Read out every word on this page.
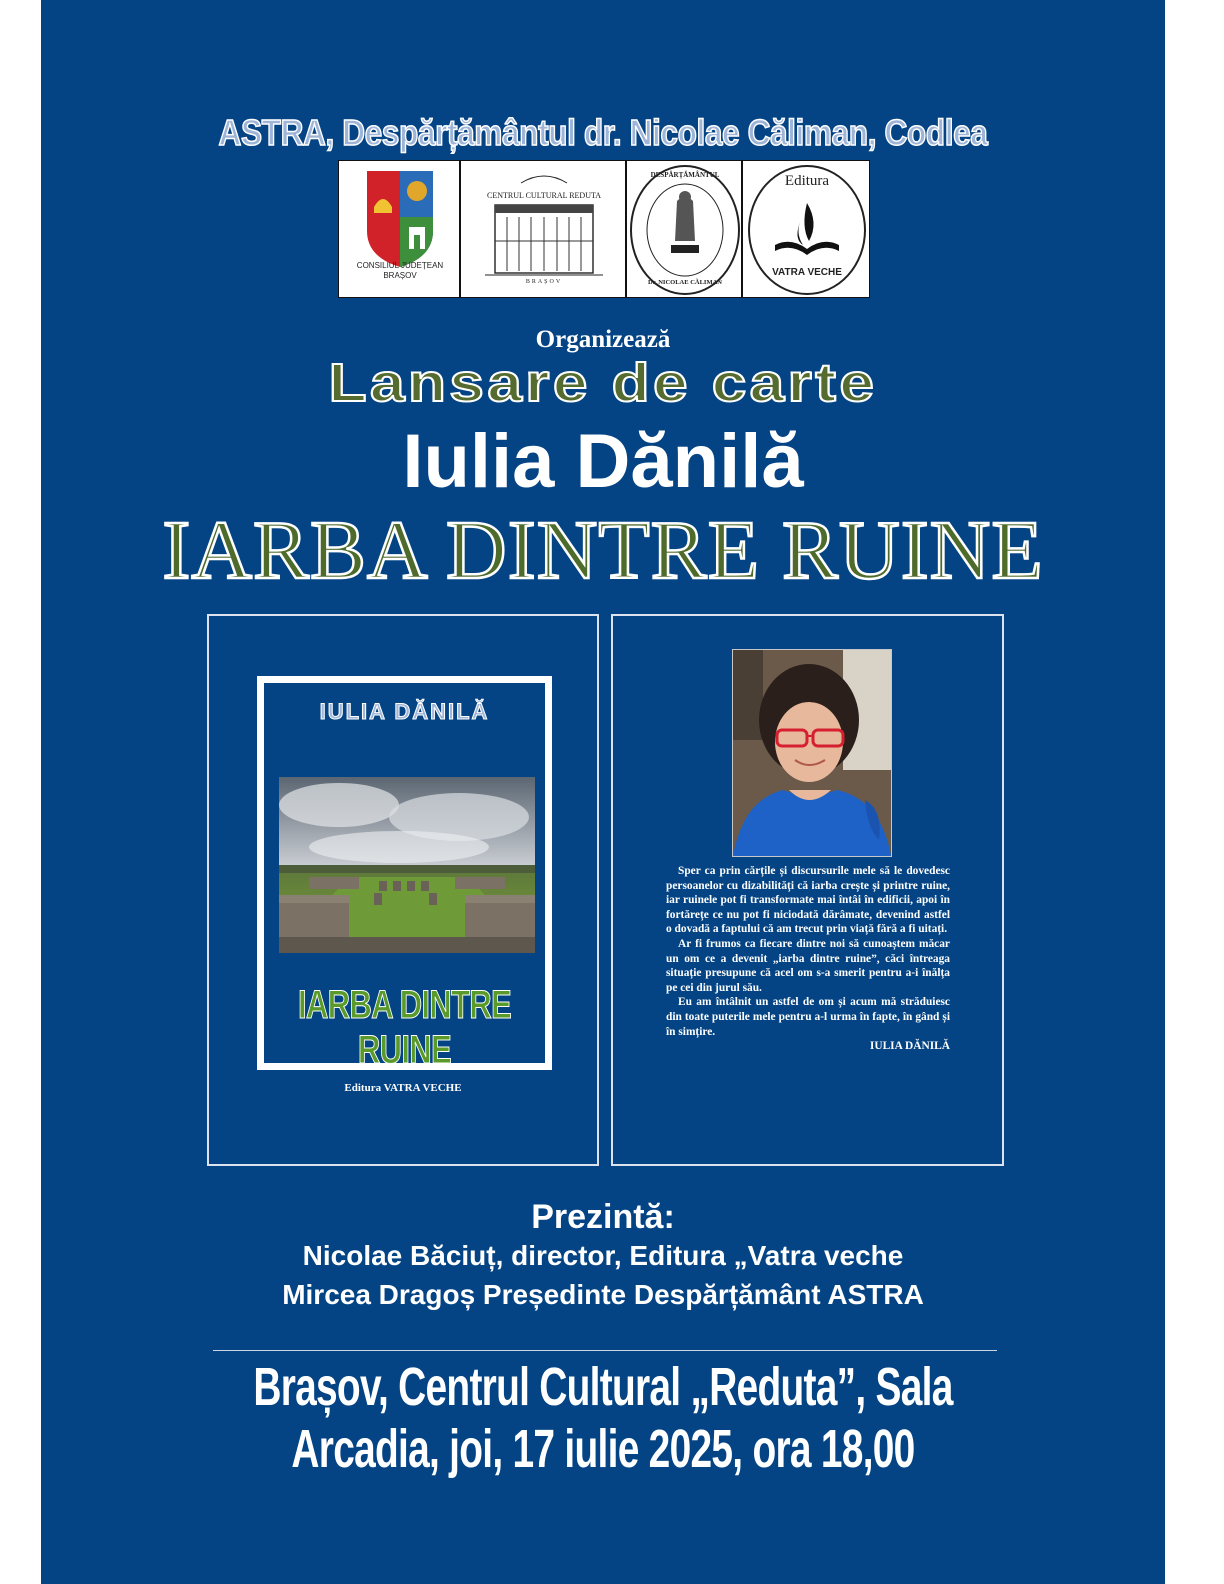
ASTRA, Despărțământul dr. Nicolae Căliman, Codlea
CONSILIUL JUDEȚEAN
BRAȘOV
CENTRUL CULTURAL REDUTA
BRAȘOV
DESPĂRȚĂMÂNTUL
Dr. NICOLAE CĂLIMAN
Editura
VATRA VECHE
Organizează
Lansare de carte
Iulia Dănilă
IARBA DINTRE RUINE
IULIA DĂNILĂ
IARBA DINTRE RUINE
Editura VATRA VECHE

Sper ca prin cărțile și discursurile mele să le dovedesc persoanelor cu dizabilități că iarba crește și printre ruine, iar ruinele pot fi transformate mai întâi în edificii, apoi în fortărețe ce nu pot fi niciodată dărâmate, devenind astfel o dovadă a faptului că am trecut prin viață fără a fi uitați.

Ar fi frumos ca fiecare dintre noi să cunoaștem măcar un om ce a devenit „iarba dintre ruine”, căci întreaga situație presupune că acel om s-a smerit pentru a-i înălța pe cei din jurul său.

Eu am întâlnit un astfel de om și acum mă străduiesc din toate puterile mele pentru a-l urma în fapte, în gând și în simțire.

IULIA DĂNILĂ

Prezintă:
Nicolae Băciuț, director, Editura „Vatra veche
Mircea Dragoș Președinte Despărțământ ASTRA
Brașov, Centrul Cultural „Reduta”, Sala Arcadia, joi, 17 iulie 2025, ora 18,00
